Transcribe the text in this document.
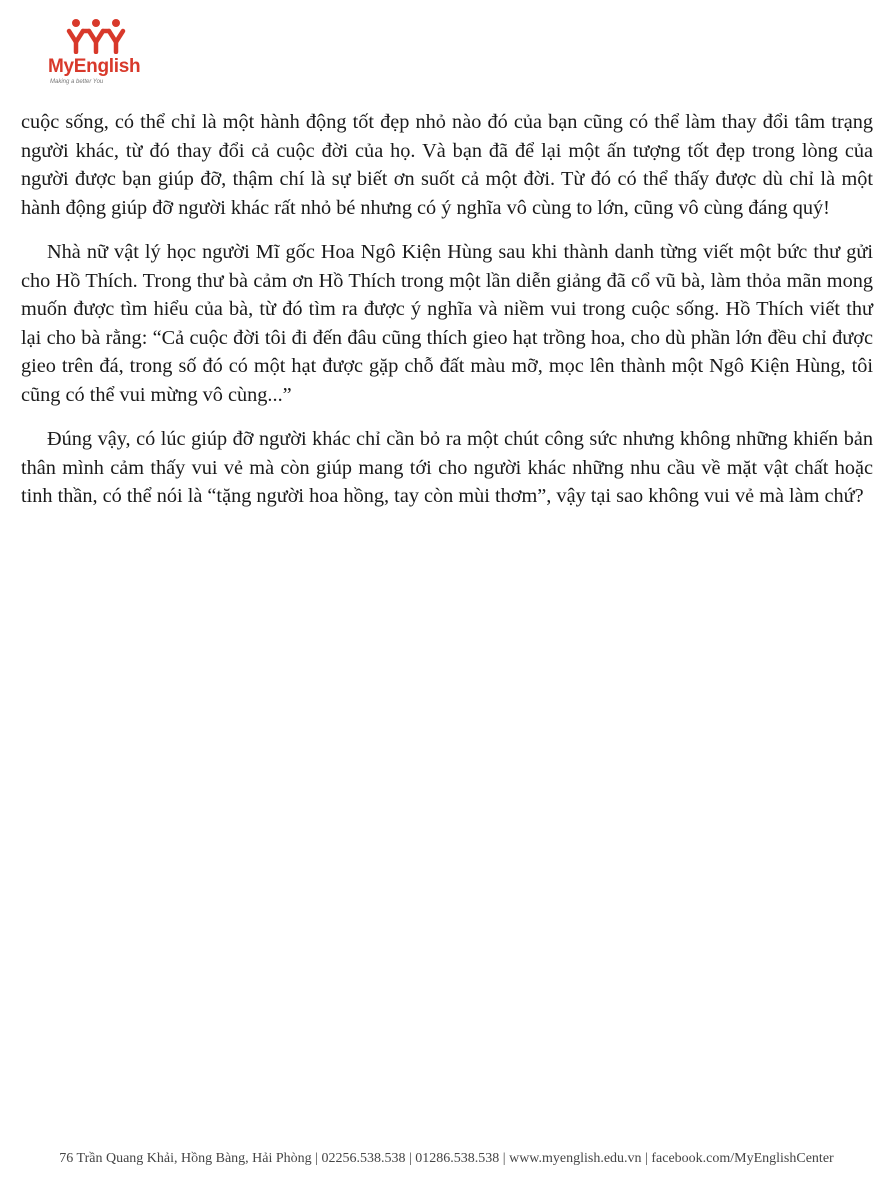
MyEnglish
Making a better You

cuộc sống, có thể chỉ là một hành động tốt đẹp nhỏ nào đó của bạn cũng có thể làm thay đổi tâm trạng người khác, từ đó thay đổi cả cuộc đời của họ. Và bạn đã để lại một ấn tượng tốt đẹp trong lòng của người được bạn giúp đỡ, thậm chí là sự biết ơn suốt cả một đời. Từ đó có thể thấy được dù chỉ là một hành động giúp đỡ người khác rất nhỏ bé nhưng có ý nghĩa vô cùng to lớn, cũng vô cùng đáng quý!

Nhà nữ vật lý học người Mĩ gốc Hoa Ngô Kiện Hùng sau khi thành danh từng viết một bức thư gửi cho Hồ Thích. Trong thư bà cảm ơn Hồ Thích trong một lần diễn giảng đã cổ vũ bà, làm thỏa mãn mong muốn được tìm hiểu của bà, từ đó tìm ra được ý nghĩa và niềm vui trong cuộc sống. Hồ Thích viết thư lại cho bà rằng: “Cả cuộc đời tôi đi đến đâu cũng thích gieo hạt trồng hoa, cho dù phần lớn đều chỉ được gieo trên đá, trong số đó có một hạt được gặp chỗ đất màu mỡ, mọc lên thành một Ngô Kiện Hùng, tôi cũng có thể vui mừng vô cùng...”

Đúng vậy, có lúc giúp đỡ người khác chỉ cần bỏ ra một chút công sức nhưng không những khiến bản thân mình cảm thấy vui vẻ mà còn giúp mang tới cho người khác những nhu cầu về mặt vật chất hoặc tinh thần, có thể nói là “tặng người hoa hồng, tay còn mùi thơm”, vậy tại sao không vui vẻ mà làm chứ?

76 Trần Quang Khải, Hồng Bàng, Hải Phòng | 02256.538.538 | 01286.538.538 | www.myenglish.edu.vn | facebook.com/MyEnglishCenter
